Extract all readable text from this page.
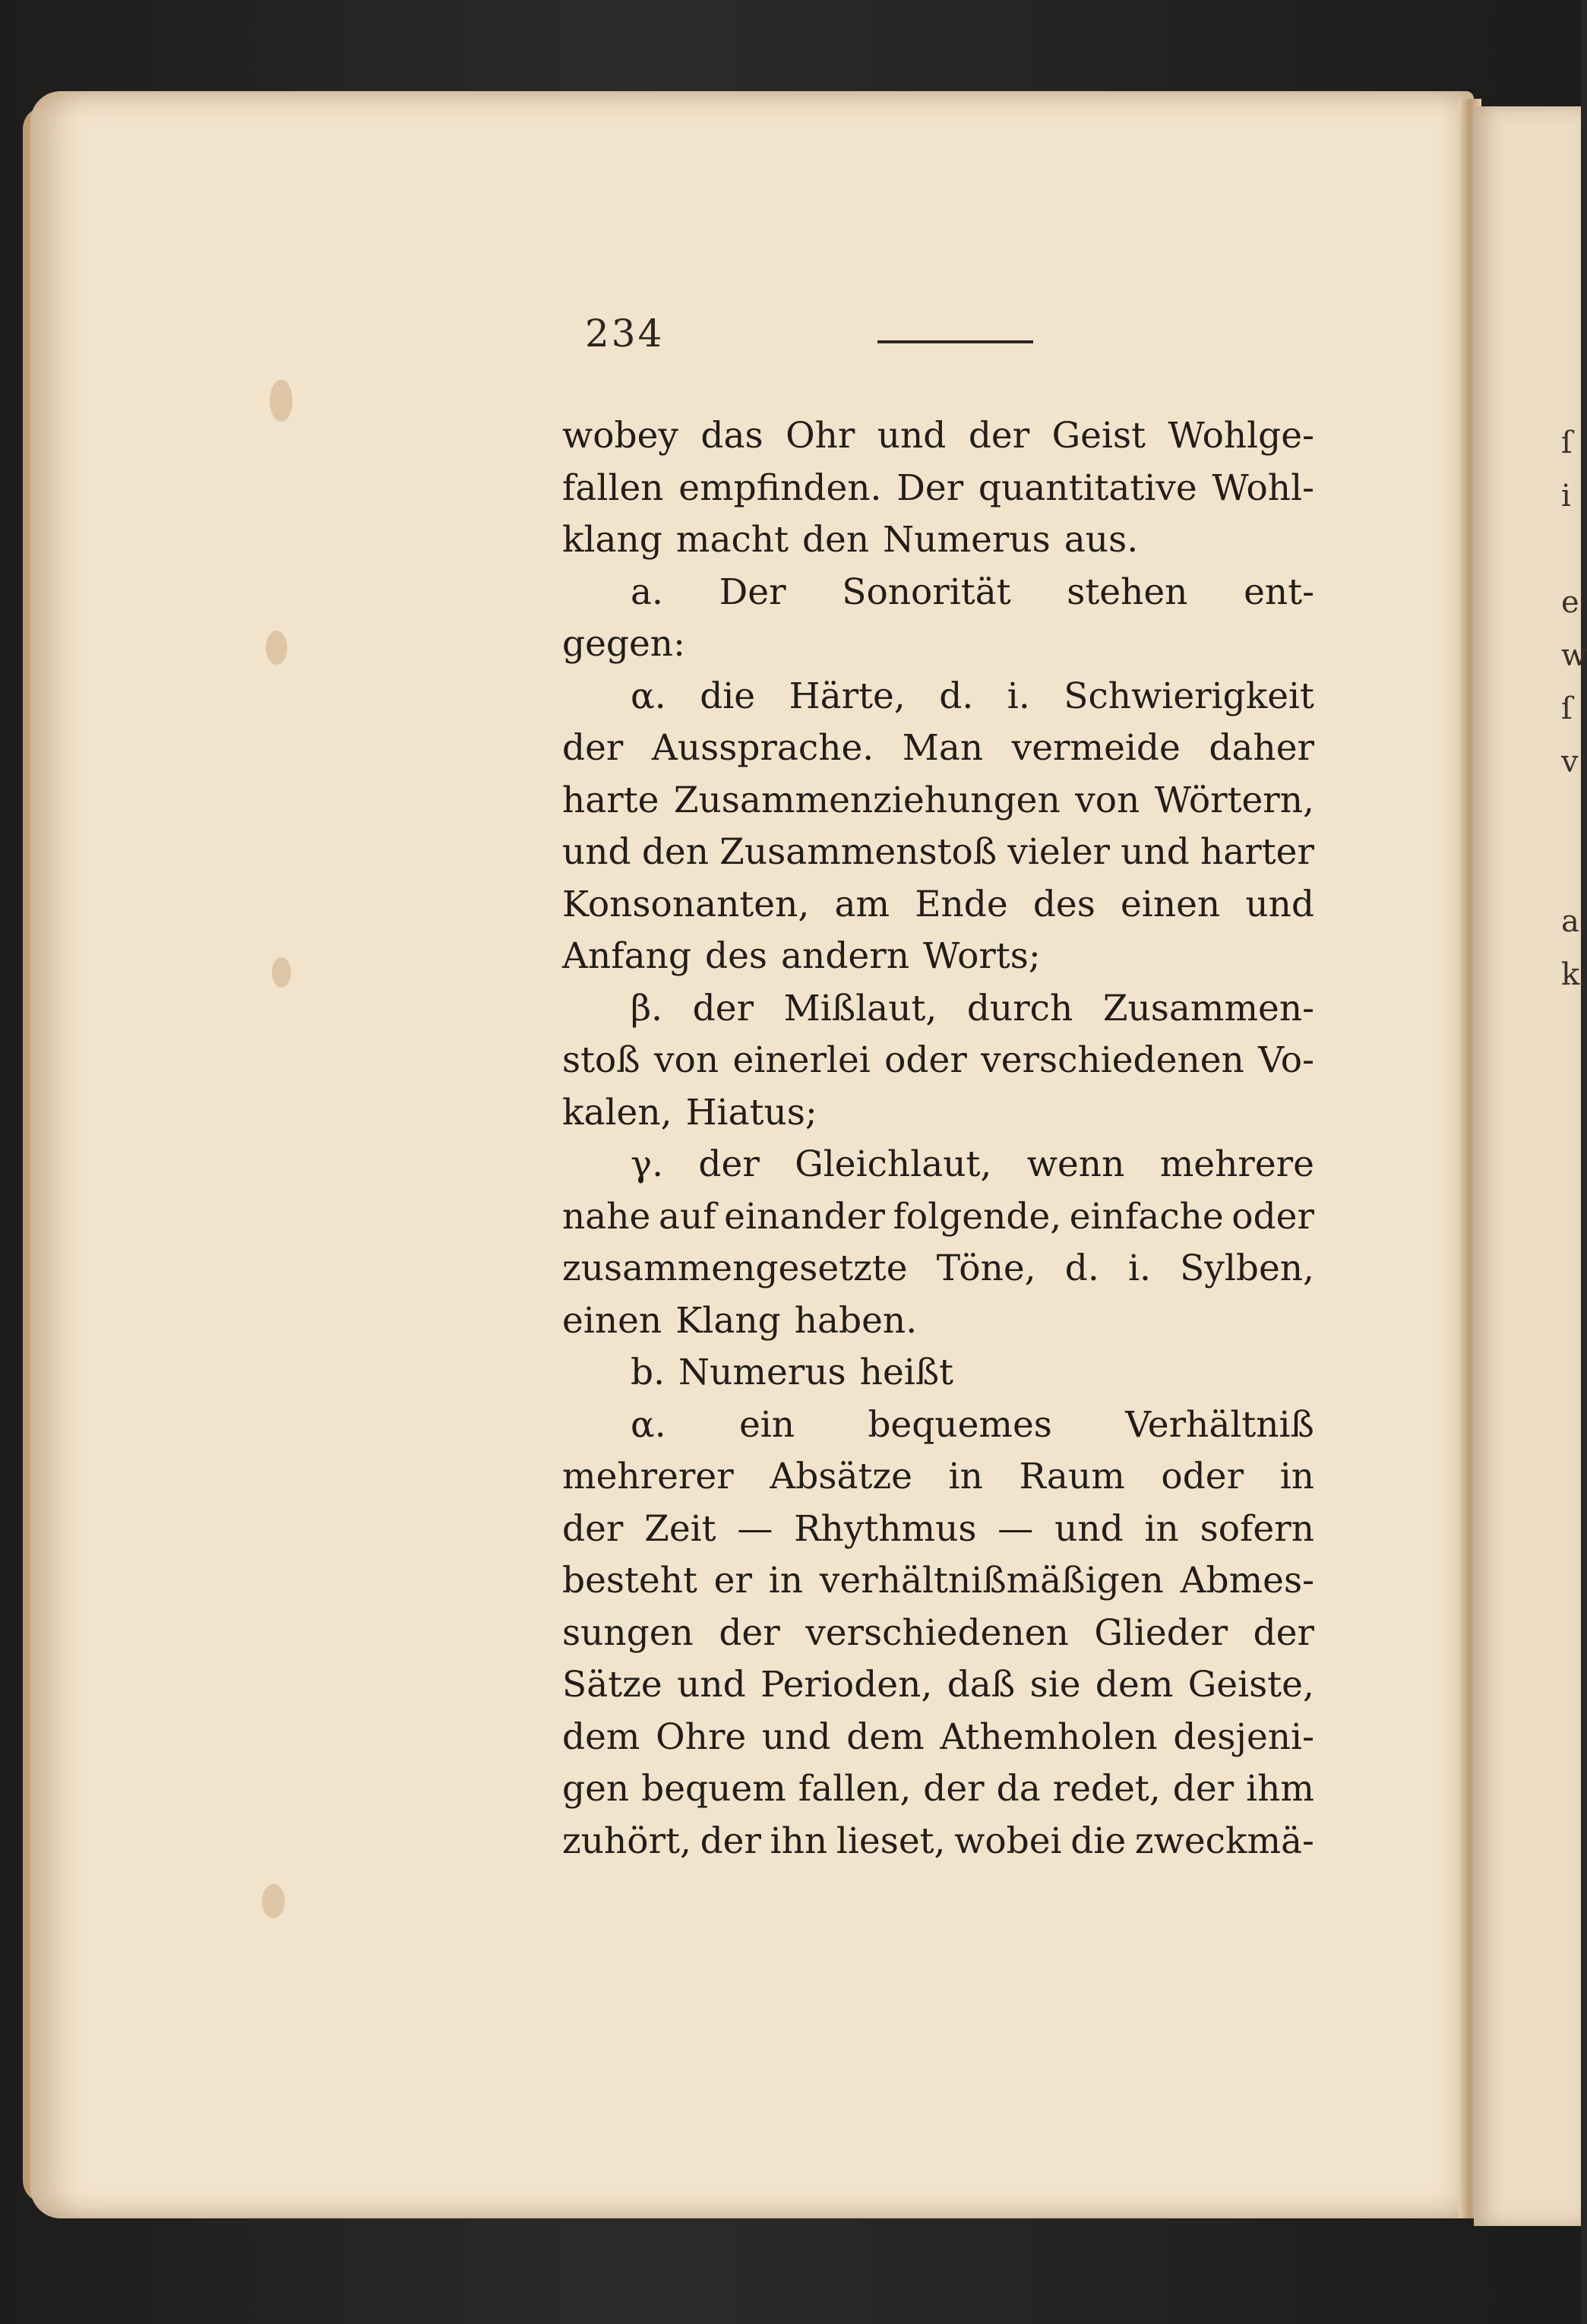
234
wobey das Ohr und der Geist Wohlge-
fallen empfinden. Der quantitative Wohl-
klang macht den Numerus aus.
a. Der Sonorität stehen ent-
gegen:
α. die Härte, d. i. Schwierigkeit
der Aussprache. Man vermeide daher
harte Zusammenziehungen von Wörtern,
und den Zusammenstoß vieler und harter
Konsonanten, am Ende des einen und
Anfang des andern Worts;
β. der Mißlaut, durch Zusammen-
stoß von einerlei oder verschiedenen Vo-
kalen, Hiatus;
γ. der Gleichlaut, wenn mehrere
nahe auf einander folgende, einfache oder
zusammengesetzte Töne, d. i. Sylben,
einen Klang haben.
b. Numerus heißt
α. ein bequemes Verhältniß
mehrerer Absätze in Raum oder in
der Zeit — Rhythmus — und in sofern
besteht er in verhältnißmäßigen Abmes-
sungen der verschiedenen Glieder der
Sätze und Perioden, daß sie dem Geiste,
dem Ohre und dem Athemholen desjeni-
gen bequem fallen, der da redet, der ihm
zuhört, der ihn lieset, wobei die zweckmä-
ſ
i
e
w
ſ
v
a
k
